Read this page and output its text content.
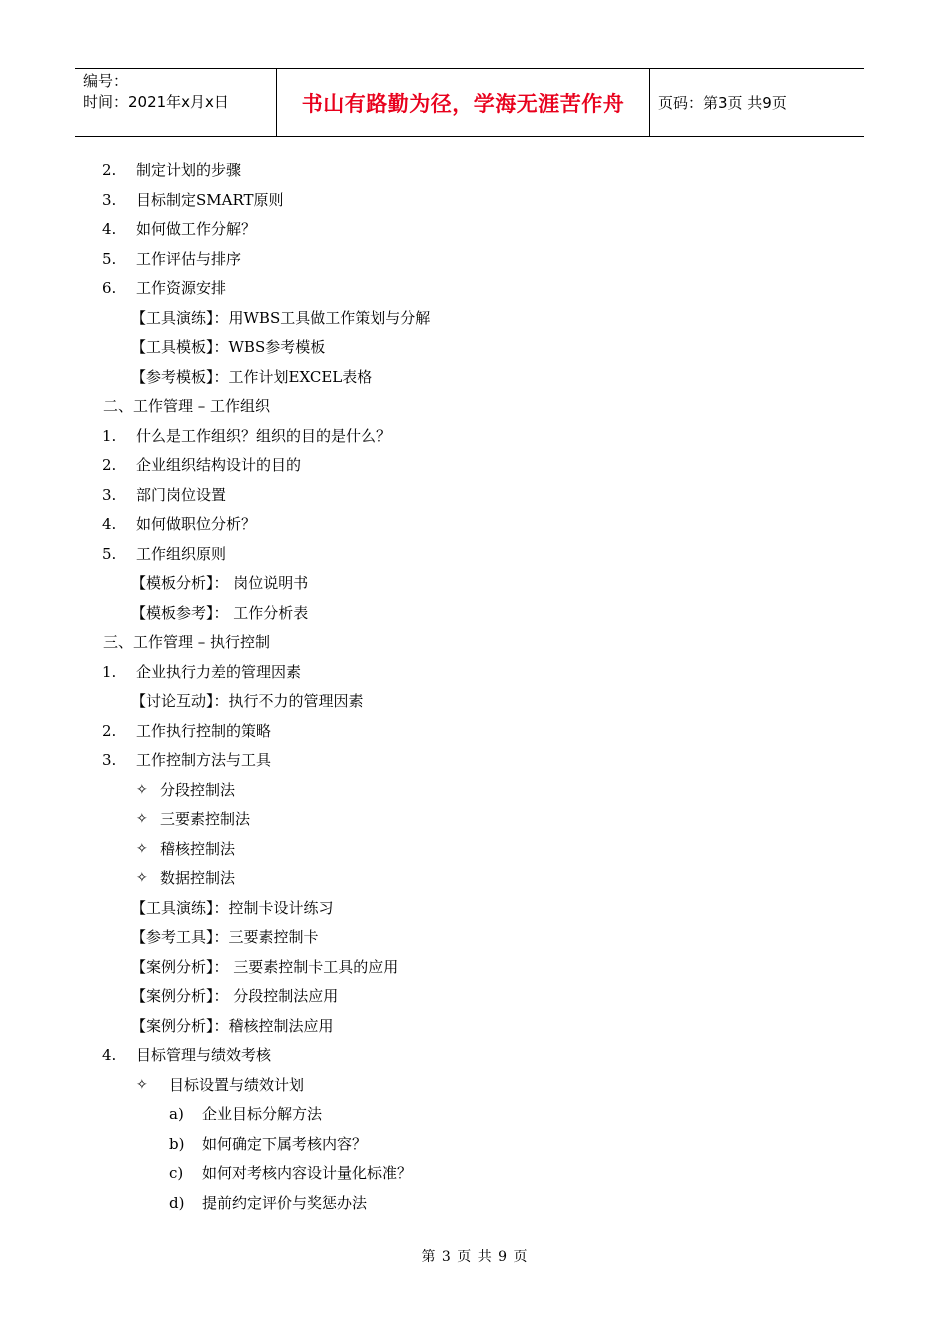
编号：
时间：2021年x月x日	书山有路勤为径，学海无涯苦作舟	页码：第3页 共9页
2. 制定计划的步骤
3. 目标制定SMART原则
4. 如何做工作分解？
5. 工作评估与排序
6. 工作资源安排
【工具演练】：用WBS工具做工作策划与分解
【工具模板】：WBS参考模板
【参考模板】：工作计划EXCEL表格
二、工作管理 – 工作组织
1. 什么是工作组织？组织的目的是什么？
2. 企业组织结构设计的目的
3. 部门岗位设置
4. 如何做职位分析？
5. 工作组织原则
【模板分析】： 岗位说明书
【模板参考】： 工作分析表
三、工作管理 – 执行控制
1. 企业执行力差的管理因素
【讨论互动】：执行不力的管理因素
2. 工作执行控制的策略
3. 工作控制方法与工具
✧ 分段控制法
✧ 三要素控制法
✧ 稽核控制法
✧ 数据控制法
【工具演练】：控制卡设计练习
【参考工具】：三要素控制卡
【案例分析】： 三要素控制卡工具的应用
【案例分析】： 分段控制法应用
【案例分析】：稽核控制法应用
4. 目标管理与绩效考核
✧ 目标设置与绩效计划
a) 企业目标分解方法
b) 如何确定下属考核内容？
c) 如何对考核内容设计量化标准？
d) 提前约定评价与奖惩办法
第 3 页 共 9 页
